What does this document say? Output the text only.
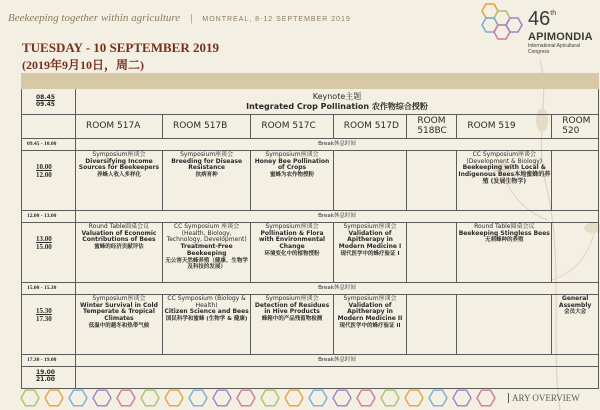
Beekeeping together within agriculture | MONTREAL, 8-12 SEPTEMBER 2019	46th
APIMONDIA
International Apicultural Congress
TUESDAY - 10 SEPTEMBER 2019
(2019年9月10日，周二)

08.45
09.45	Keynote主题
Integrated Crop Pollination 农作物综合授粉						
	ROOM 517A	ROOM 517B	ROOM 517C	ROOM 517D	ROOM 518BC	ROOM 519	ROOM 520
09.45 - 10.00	Break休息时间						
10.00
12.00	Symposium座谈会
Diversifying Income Sources for Beekeepers
养蜂人收入多样化	Symposium座谈会
Breeding for Disease Resistance
抗病育种	Symposium座谈会
Honey Bee Pollination of Crops
蜜蜂为农作物授粉			CC Symposium座谈会 (Development & Biology)
Beekeeping with Local & Indigenous Bees本地蜜蜂的养殖 (发展生物学)	

12.00 - 13.00	Break休息时间						
13.00
15.00	Round Table圆桌会议
Valuation of Economic Contributions of Bees
蜜蜂的经济贡献评估	CC Symposium 座谈会(Health, Biology, Technology, Development)
Treatment-Free Beekeeping
无公害天然蜂养殖（健康、生物学及科技的发展）	Symposium座谈会
Pollination & Flora with Environmental Change
环境变化中的植物授粉	Symposium座谈会
Validation of Apitherapy in Modern Medicine I
现代医学中的蜂疗验证 I		Round Table圆桌会议
Beekeeping Stingless Bees
无刺蜂种的养殖	

15.00 - 15.30	Break休息时间						
15.30
17.30	Symposium座谈会
Winter Survival in Cold Temperate & Tropical Climates
低温中的越冬和热带气候	CC Symposium (Biology & Health)
Citizen Science and Bees
国民科学和蜜蜂 (生物学 & 健康)	Symposium座谈会
Detection of Residues in Hive Products
蜂箱中的产品残留物检测	Symposium座谈会
Validation of Apitherapy in Modern Medicine II
现代医学中的蜂疗验证 II			General Assembly
会员大会

17.30 - 19.00	Break休息时间						
19.00
21.00							
ARY OVERVIEW
